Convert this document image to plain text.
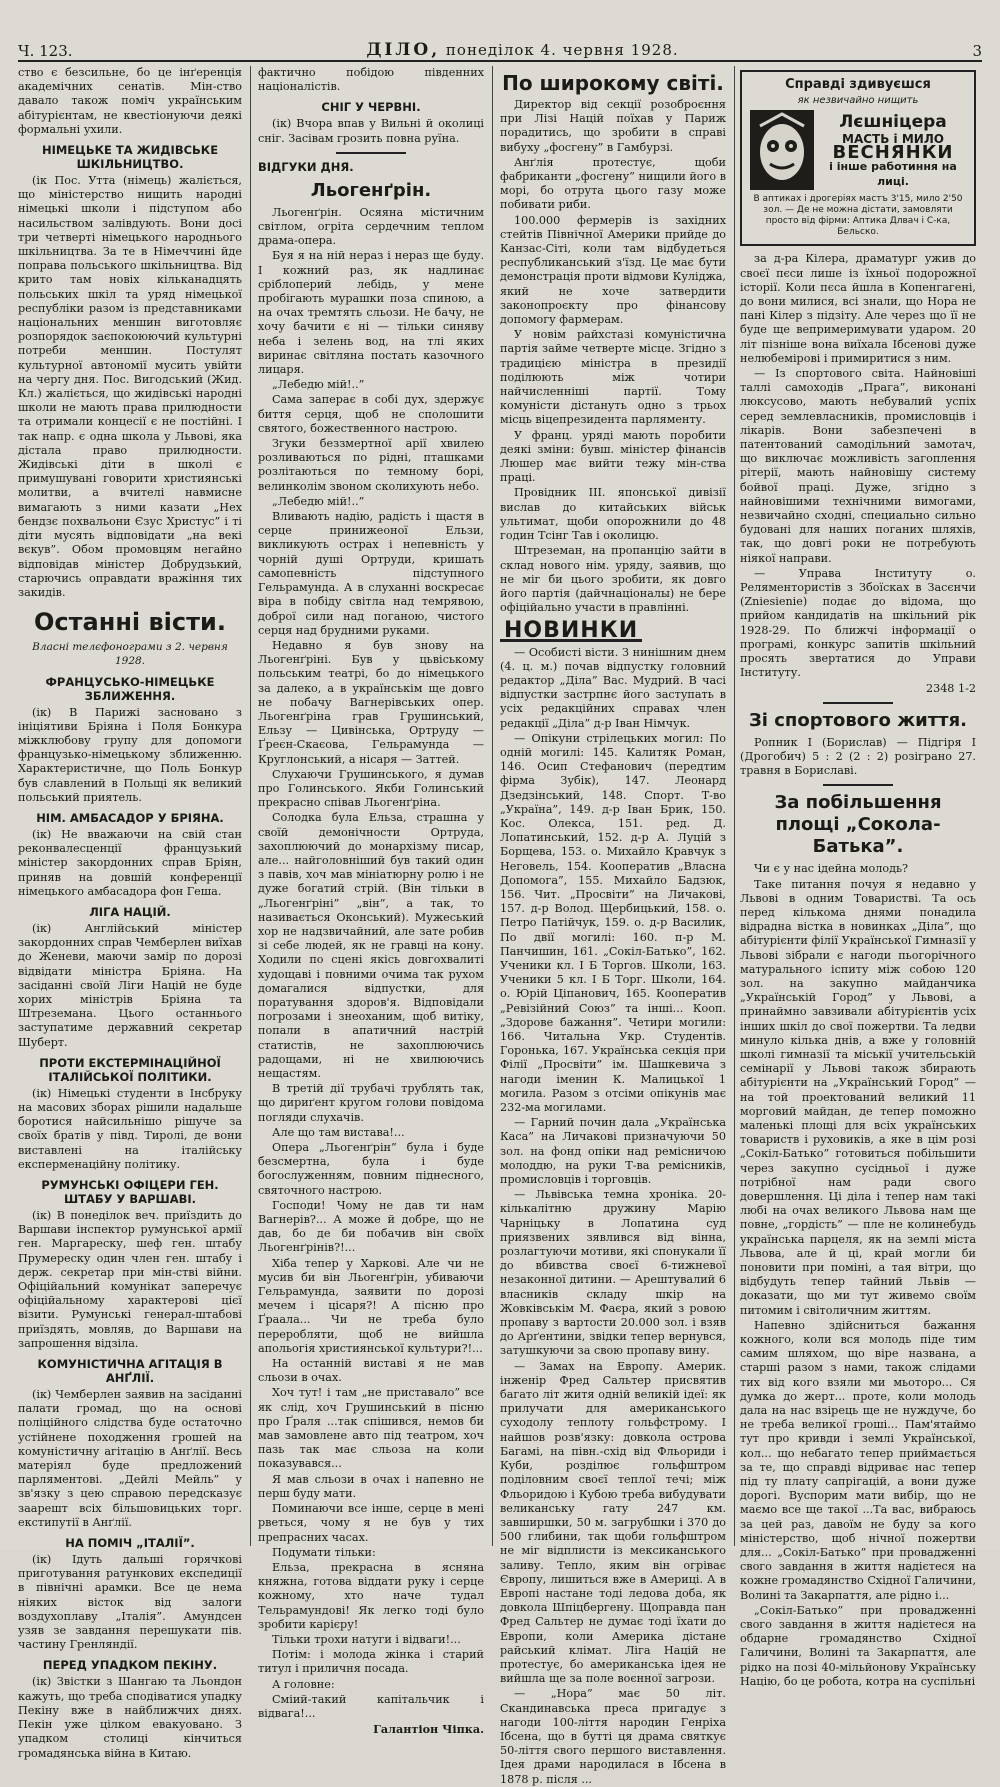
Ч. 123.	ДІЛО, понеділок 4. червня 1928.	3

ство є безсильне, бо це інґеренція академічних сенатів. Мін-ство давало також поміч українським абітурієнтам, не квестіонуючи деякі формальні ухили.

НІМЕЦЬКЕ ТА ЖИДІВСЬКЕ ШКІЛЬНИЦТВО.

(ік Пос. Утта (німець) жаліється, що міністерство нищить народні німецькі школи і підступом або насильством залівдують. Вони досі три четверті німецького народнього шкільництва. За те в Німеччині йде поправа польського шкільництва. Від крито там новіх кільканадцять польських шкіл та уряд німецької республіки разом із представниками національних меншин виготовляє розпорядок заєпокоюючий культурні потреби меншин. Постулят культурної автономії мусить увійти на чергу дня. Пос. Вигодський (Жид. Кл.) жаліється, що жидівські народні школи не мають права прилюдности та отримали концесії є не постійні. І так напр. є одна школа у Львові, яка дістала право прилюдности. Жидівські діти в школі є примушувані говорити християнські молитви, а вчителі навмисне вимагають з ними казати „Нех бендзє похвальони Єзус Христус” і ті діти мусять відповідати „на векі вєкув”. Обом промовцям негайно відповідав міністер Добрудзький, старючись оправдати вражіння тих закидів.

Останні вісти.
Власні телєфонограми з 2. червня 1928.
ФРАНЦУСЬКО-НІМЕЦЬКЕ ЗБЛИЖЕННЯ.

(ік) В Парижі засновано з ініціятиви Бріяна і Поля Бонкура міжклюбову групу для допомоги французько-німецькому зближенню. Характеристичне, що Поль Бонкур був славлений в Польщі як великий польський приятель.

НІМ. АМБАСАДОР У БРІЯНА.

(ік) Не вважаючи на свій стан реконвалесценції французький міністер закордонних справ Бріян, приняв на довшій конференції німецького амбасадора фон Геша.

ЛІГА НАЦІЙ.

(ік) Англійський міністер закордонних справ Чемберлен виїхав до Женеви, маючи замір по дорозі відвідати міністра Бріяна. На засіданні своїй Ліги Націй не буде хорих міністрів Бріяна та Штреземана. Цього останнього заступатиме державний секретар Шуберт.

ПРОТИ ЕКСТЕРМІНАЦІЙНОЇ ІТАЛІЙСЬКОЇ ПОЛІТИКИ.

(ік) Німецькі студенти в Інсбруку на масових зборах рішили надальше боротися найсильнішо рішуче за своїх братів у півд. Тиролі, де вони виставлені на італійську експерменаційну політику.

РУМУНСЬКІ ОФІЦЕРИ ГЕН. ШТАБУ У ВАРШАВІ.

(ік) В понеділок веч. приїздить до Варшави інспектор румунської армії ген. Маргареску, шеф ген. штабу Прумереску один член ген. штабу і держ. секретар при мін-стві війни. Офіційальний комунікат заперечує офіційальному характерові цієї візити. Румунські генерал-штабові приїздять, мовляв, до Варшави на запрошення відзіла.

КОМУНІСТИЧНА АГІТАЦІЯ В АНҐЛІЇ.

(ік) Чемберлен заявив на засіданні палати громад, що на основі поліційного слідства буде остаточно устійнене походження грошей на комуністичну агітацію в Анґлії. Весь матеріял буде предложений парляментові. „Дейлі Мейль” у зв'язку з цею справою передсказує заарешт всіх більшовицьких торг. екстипутії в Анґлії.

НА ПОМІЧ „ІТАЛІЇ”.

(ік) Ідуть дальші горячкові приготування ратункових експедиції в північні арамки. Все це нема ніяких вісток від залоги воздухоплаву „Італія”. Амундсен узяв зе завдання перешукати пів. частину Гренляндії.

ПЕРЕД УПАДКОМ ПЕКІНУ.

(ік) Звістки з Шангаю та Льондон кажуть, що треба сподіватися упадку Пекіну вже в найближчих днях. Пекін уже цілком евакуовано. З упадком столиці кінчиться громадянська війна в Китаю.

фактично побідою південних націоналістів.

СНІГ У ЧЕРВНІ.

(ік) Вчора впав у Вильні й околиці сніг. Засівам грозить повна руїна.

ВІДГУКИ ДНЯ.
Льогенґрін.

Льогенґрін. Осяяна містичним світлом, огріта сердечним теплом драма-опера.

Буя я на ній нераз і нераз ще буду. І кожний раз, як надлинає сріблоперий лебідь, у мене пробігають мурашки поза спиною, а на очах тремтять сльози. Не бачу, не хочу бачити є ні — тільки синяву неба і зелень вод, на тлі яких виринає світляна постать казочного лицаря.

„Лебедю мій!..”

Сама заперає в собі дух, здержує биття серця, щоб не сполошити святого, божественного настрою.

Згуки беззмертної арії хвилею розливаються по рідні, пташками розлітаються по темному борі, велинколім звоном сколихують небо.

„Лебедю мій!..”

Вливають надію, радість і щастя в серце принижеоної Ельзи, викликують острах і непевність у чорній душі Ортруди, кришать самопевність підступного Гельрамунда. А в слуханні воскресає віра в побіду світла над темрявою, доброї сили над поганою, чистого серця над брудними руками.

Недавно я був знову на Льогенґріні. Був у цьвіському польським театрі, бо до німецького за далеко, а в українськім ще довго не побачу Вагнерівських опер. Льогенґріна грав Грушинський, Ельзу — Цивінська, Ортруду — Ґреєн-Скаєова, Гельрамунда — Круглонський, а нісаря — Заттей.

Слухаючи Грушинського, я думав про Голинського. Якби Голинський прекрасно співав Льогенґріна.

Солодка була Ельза, страшна у своїй демонічности Ортруда, захоплюючий до монархізму писар, але... найголовніший був такий один з павів, хоч мав мініатюрну ролю і не дуже богатий стрій. (Він тільки в „Льогенґріні” „він”, а так, то називається Оконський). Мужеський хор не надзвичайний, але зате робив зі себе людей, як не гравці на кону. Ходили по сцені якісь довгохвалиті худощаві і повними очима так рухом домагалися відпустки, для поратування здоров'я. Відповідали погрозами і знеоханим, щоб витіку, попали в апатичний настрій статистів, не захоплюючись радощами, ні не хвилюючись нещастям.

В третій дії трубачі трублять так, що дириґент кругом голови повідома погляди слухачів.

Але що там вистава!...

Опера „Льогенґрін” була і буде безсмертна, була і буде богослуженням, повним піднесного, святочного настрою.

Господи! Чому не дав ти нам Вагнерів?... А може й добре, що не дав, бо де би побачив він своїх Льогенґрінів?!...

Хіба тепер у Харкові. Але чи не мусив би він Льогенґрін, убиваючи Гельрамунда, заявити по дорозі мечем і цісаря?! А пісню про Ґраала... Чи не треба було переробляти, щоб не вийшла апольогія християнської культури?!...

На останній виставі я не мав сльози в очах.

Хоч тут! і там „не приставало” все як слід, хоч Грушинський в пісню про Ґраля ...так спішився, немов би мав замовлене авто під театром, хоч пазь так має сльоза на коли показувався...

Я мав сльози в очах і напевно не перш буду мати.

Поминаючи все інше, серце в мені рветься, чому я не був у тих препрасних часах.

Подумати тільки:

Ельза, прекрасна в ясняна княжна, готова віддати руку і серце кожному, хто наче тудал Тельрамундові! Як легко тоді було зробити карієру!

Тільки трохи натуги і відваги!...

Потім: і молода жінка і старий титул і приличня посада.

А головне:

Сміий-такий капітальчик і відвага!...

Галантіон Чіпка.
По широкому світі.

Директор від секції розоброєння при Лізі Націй поїхав у Париж порадитись, що зробити в справі вибуху „фосгену” в Гамбурзі.

Анґлія протестує, щоби фабриканти „фосгену” нищили його в морі, бо отрута цього газу може побивати риби.

100.000 фермерів із західних стейтів Північної Америки прийде до Канзас-Сіті, коли там відбудеться республиканський з'їзд. Це має бути демонстрація проти відмови Куліджа, який не хоче затвердити законопроєкту про фінансову допомогу фармерам.

У новім райхстазі комуністична партія займе четверте місце. Згідно з традицією міністра в президії поділюють між чотири найчисленніші партії. Тому комуністи дістануть одно з трьох місць віцепрезидента парляменту.

У франц. уряді мають поробити деякі зміни: бувш. міністер фінансів Люшер має вийти тежу мін-ства праці.

Провідник ІІІ. японської дивізії вислав до китайських військ ультимат, щоби опорожнили до 48 годин Тсінг Тав і околицю.

Штреземан, на пропанцію зайти в склад нового нім. уряду, заявив, що не міг би цього зробити, як довго його партія (дайчнаціоналы) не бере офіційально участи в правлінні.

НОВИНКИ

— Особисті вісти. З нинішним днем (4. ц. м.) почав відпустку головний редактор „Діла” Вас. Мудрий. В часі відпустки застрпнє його заступать в усіх редакційних справах член редакції „Діла” д-р Іван Німчук.

— Опікуни стрілецьких могил: По одній могилі: 145. Калитяк Роман, 146. Осип Стефанович (передтим фірма Зубік), 147. Леонард Дзедзінський, 148. Спорт. Т-во „Україна”, 149. д-р Іван Брик, 150. Кос. Олекса, 151. ред. Д. Лопатинський, 152. д-р А. Луцій з Борщева, 153. о. Михайло Кравчук з Неговель, 154. Кооператив „Власна Допомога”, 155. Михайло Бадзюк, 156. Чит. „Просвіти” на Личакові, 157. д-р Волод. Щербицький, 158. о. Петро Патійчук, 159. о. д-р Василик, По двії могилі: 160. п-р М. Панчишин, 161. „Сокіл-Батько”, 162. Ученики кл. І Б Торгов. Школи, 163. Ученики 5 кл. І Б Торг. Школи, 164. о. Юрій Ціпанович, 165. Кооператив „Ревізійний Союз” та інші... Кооп. „Здорове бажання”. Четири могили: 166. Читальна Укр. Студентів. Горонька, 167. Українська секція при Філії „Просвіти” ім. Шашкевича з нагоди іменин К. Малицької 1 могила. Разом з отсіми опікунів має 232-ма могилами.

— Гарний почин дала „Українська Каса” на Личакові призначуючи 50 зол. на фонд опіки над ремісничою молоддю, на руки Т-ва ремісників, промисловців і торговців.

— Львівська темна хроніка. 20-кількалітню дружину Марію Чарніцьку в Лопатина суд приязвених зявлився від вінна, розлагтуючи мотиви, які спонукали її до вбивства своєї 6-тижневої незаконної дитини. — Арештувалий 6 власників складу шкір на Жовківськім М. Фаєра, який з ровою пропаву з вартости 20.000 зол. і взяв до Арґентини, звідки тепер вернувся, затушкуючи за свою пропаву вину.

— Замах на Европу. Америк. інженір Фред Сальтер присвятив багато літ житя одній великій ідеї: як прилучати для американського суходолу теплоту гольфстрому. І найшов розв'язку: довкола острова Багамі, на півн.-схід від Фльориди і Куби, розділює гольфштром поділовним своєї теплої течі; між Фльоридою і Кубою треба вибудувати великанську гату 247 км. завширшки, 50 м. загрубшки і 370 до 500 глибини, так щоби гольфштром не міг відплисти із мексиканського заливу. Тепло, яким він огріває Європу, лишиться вже в Америці. А в Европі настане тоді ледова доба, як довкола Шпіцбергену. Щоправда пан Фред Сальтер не думає тоді їхати до Европи, коли Америка дістане райський клімат. Ліга Націй не протестує, бо американська ідея не вийшла ще за поле воєнної загрози.

— „Нора” має 50 літ. Скандинавська преса пригадує з нагоди 100-ліття народин Генріха Ібсена, що в бутті ця драма святкує 50-ліття свого першого виставлення. Ідея драми народилася в Ібсена в 1878 р. після ...

Справді здивуєшся
як незвичайно нищить
Лєшніцера
МАСТЬ і МИЛО
ВЕСНЯНКИ
і інше работиння на лиці.
В аптиках і дрогеріях мастъ 3'15, мило 2'50 зол. — Де не можна дістати, замовляти просто від фірми: Аптика Длвач і С-ка, Бельско.

за д-ра Кілера, драматург ужив до своєї пєси лише із їхньої подорожної історії. Коли пєса йшла в Копенгагені, до вони милися, всі знали, що Нора не пані Кілер з підзіту. Але через що її не буде ще вепримеримувати ударом. 20 літ пізніше вона виїхала Ібсенові дуже нелюбемірові і примиритися з ним.

— Із спортового світа. Найновіші таллі самоходів „Прага”, виконані люксусово, мають небувалий успіх серед землевласників, промисловців і лікарів. Вони забезпечені в патентований самодільний замотач, що виключає можливість загоплення рітерії, мають найновішу систему бойвої праці. Дуже, згідно з найновішими технічними вимогами, незвичайно сходні, специально сильно будовані для наших поганих шляхів, так, що довгі роки не потребують ніякої направи.

— Управа Інституту о. Реляментористів з Збоїсках в Засєнчи (Zniesienie) подає до відома, що прийом кандидатів на шкільний рік 1928-29. По ближчі інформації о програмі, конкурс запитів шкільний просять звертатися до Управи Інституту.

2348 1-2
Зі спортового життя.

Ропник І (Борислав) — Підгіря І (Дрогобич) 5 : 2 (2 : 2) розіграно 27. травня в Бориславі.

За побільшення площі „Сокола-Батька”.

Чи є у нас ідейна молодь?

Таке питання почуя я недавно у Львові в одним Товаристві. Та ось перед кількома днями понадила відрадна вістка в новинках „Діла”, що абітурієнти філії Української Гимназії у Львові зібрали є нагоди пьогорічного матурального іспиту між собою 120 зол. на закупно майданчика „Українській Город” у Львові, а принаймно завзивали абітурієнтів усіх інших шкіл до свої пожертви. Та ледви минуло кілька днів, а вже у головній школі гимназії та міськії учительській семінарії у Львові також збирають абітурієнти на „Український Город” — на той проектований великий 11 морговий майдан, де тепер поможно маленькі площі для всіх українських товариств і руховиків, а яке в цім розі „Сокіл-Батько” готовиться побільшити через закупно сусідньої і дуже потрібної нам ради свого довершлення. Ці діла і тепер нам такі любі на очах великого Львова нам ще повне, „гордість” — пле не колинебудь українська парцеля, як на землі міста Львова, але й ці, край могли би поновити при поміні, а тая вітри, що відбудуть тепер тайний Львів — доказати, що ми тут живемо своїм питомим і світоличним життям.

Напевно здійсниться бажання кожного, коли вся молодь піде тим самим шляхом, що віре названа, а старші разом з нами, також слідами тих від кого взяли ми мьоторо... Ся думка до жерт... проте, коли молодь дала на нас взірець ще не нуждуче, бо не треба великої гроші... Пам'ятаймо тут про кривди і землі Української, кол... що небагато тепер приймається за те, що справді відриває нас тепер під ту плату сапрігацій, а вони дуже дорогі. Вуспорим мати вибір, що не маємо все ще такої ...Та вас, вибраюсь за цей раз, давоїм не буду за кого міністерство, щоб нічної пожертви для... „Сокіл-Батько” при провадженні свого завдання в життя надієтеся на кожне громадянство Східної Галичини, Волині та Закарпаття, але рідно і...

„Сокіл-Батько” при провадженні свого завдання в життя надієтеся на обдарне громадянство Східної Галичини, Волині та Закарпаття, але рідко на позі 40-мільйонову Українську Націю, бо це робота, котра на суспільні
